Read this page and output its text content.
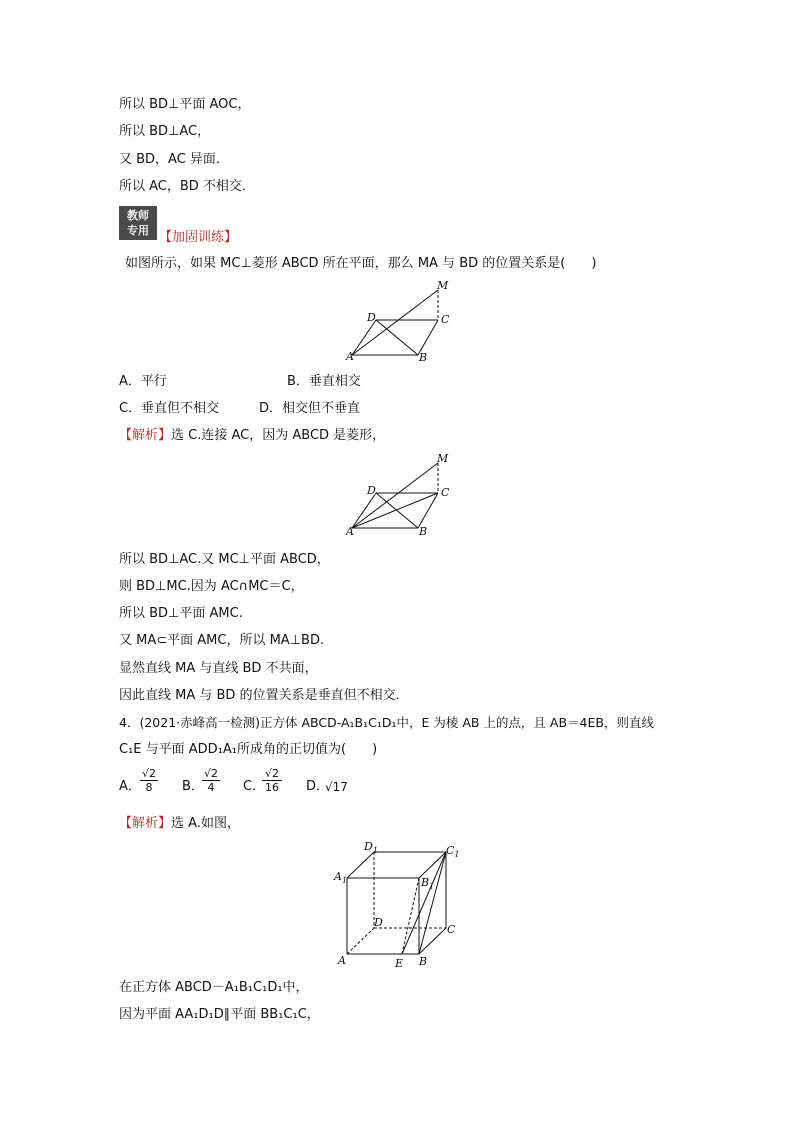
所以 BD⊥平面 AOC，
所以 BD⊥AC，
又 BD，AC 异面．
所以 AC，BD 不相交．
教师
专用 【加固训练】
如图所示，如果 MC⊥菱形 ABCD 所在平面，那么 MA 与 BD 的位置关系是(　　)
M
D	C
A	B
A．平行	B．垂直相交
C．垂直但不相交	D．相交但不垂直
【解析】选 C.连接 AC，因为 ABCD 是菱形，
M
D	C
A	B
所以 BD⊥AC.又 MC⊥平面 ABCD，
则 BD⊥MC.因为 AC∩MC＝C，
所以 BD⊥平面 AMC.
又 MA⊂平面 AMC，所以 MA⊥BD.
显然直线 MA 与直线 BD 不共面，
因此直线 MA 与 BD 的位置关系是垂直但不相交．
4．(2021·赤峰高一检测)正方体 ABCD-A₁B₁C₁D₁中，E 为棱 AB 上的点，且 AB＝4EB，则直线
C₁E 与平面 ADD₁A₁所成角的正切值为(　　)
A． $\frac{√2}{8}$ B．
$\frac{√2}{4}$ C．
$\frac{√2}{16}$ D．
√17
【解析】选 A.如图，
$D_1$	$C_1$
$A_1$	$B_1$
D
C
A	E B
在正方体 ABCD－A₁B₁C₁D₁中，
因为平面 AA₁D₁D∥平面 BB₁C₁C，
